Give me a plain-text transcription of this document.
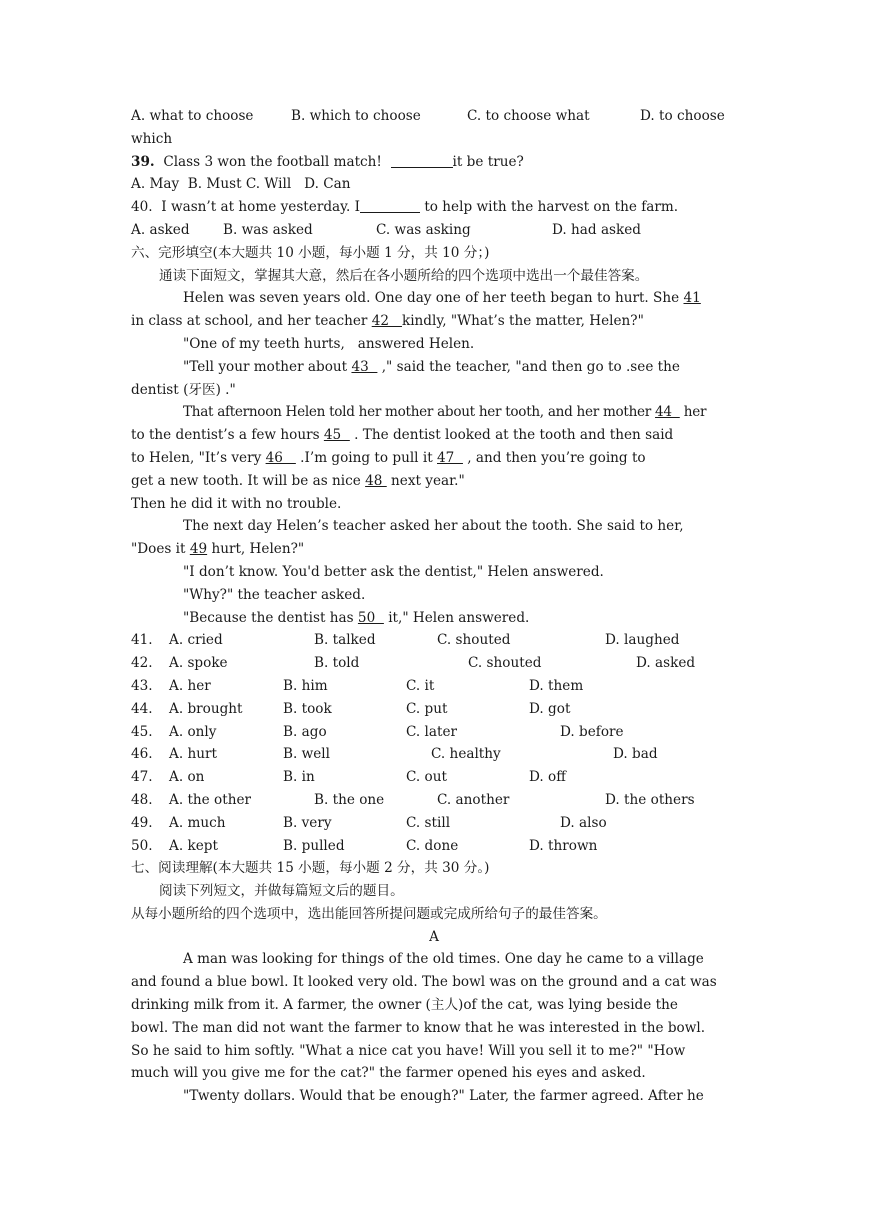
A. what to choose

	B. which to choose

	C. to choose what

	D. to choose

which
39. Class 3 won the football match!	it be true?
A. May  B. Must C. Will   D. Can
40.  I wasn’t at home yesterday. I	to help with the harvest on the farm.

A. asked

B. was asked

	C. was asking

	D. had asked

六、完形填空(本大题共 10 小题，每小题 1 分，共 10 分；)
通读下面短文，掌握其大意，然后在各小题所给的四个选项中选出一个最佳答案。
Helen was seven years old. One day one of her teeth began to hurt. She 41
in class at school, and her teacher 42   kindly, "What’s the matter, Helen?"
"One of my teeth hurts,   answered Helen.
"Tell your mother about 43   ," said the teacher, "and then go to .see the
dentist (牙医) ."
That afternoon Helen told her mother about her tooth, and her mother 44   her
to the dentist’s a few hours 45   . The dentist looked at the tooth and then said
to Helen, "It’s very 46    .I’m going to pull it 47   , and then you’re going to
get a new tooth. It will be as nice 48  next year."
Then he did it with no trouble.
The next day Helen’s teacher asked her about the tooth. She said to her,
"Does it 49 hurt, Helen?"
"I don’t know. You'd better ask the dentist," Helen answered.
"Why?" the teacher asked.
"Because the dentist has 50   it," Helen answered.
41. A. cried	B. talked	C. shouted	D. laughed
42. A. spoke	B. told	C. shouted	D. asked
43. A. her	B. him	C. it	D. them
44. A. brought	B. took	C. put	D. got
45. A. only	B. ago	C. later	D. before
46. A. hurt	B. well	C. healthy	D. bad
47. A. on	B. in	C. out	D. off
48. A. the other	B. the one	C. another	D. the others
49. A. much	B. very	C. still	D. also
50. A. kept	B. pulled	C. done	D. thrown
七、阅读理解(本大题共 15 小题，每小题 2 分，共 30 分。)
阅读下列短文，并做每篇短文后的题目。
从每小题所给的四个选项中，选出能回答所提问题或完成所给句子的最佳答案。
A
A man was looking for things of the old times. One day he came to a village
and found a blue bowl. It looked very old. The bowl was on the ground and a cat was
drinking milk from it. A farmer, the owner (主人)of the cat, was lying beside the
bowl. The man did not want the farmer to know that he was interested in the bowl.
So he said to him softly. "What a nice cat you have! Will you sell it to me?" "How
much will you give me for the cat?" the farmer opened his eyes and asked.
"Twenty dollars. Would that be enough?" Later, the farmer agreed. After he
